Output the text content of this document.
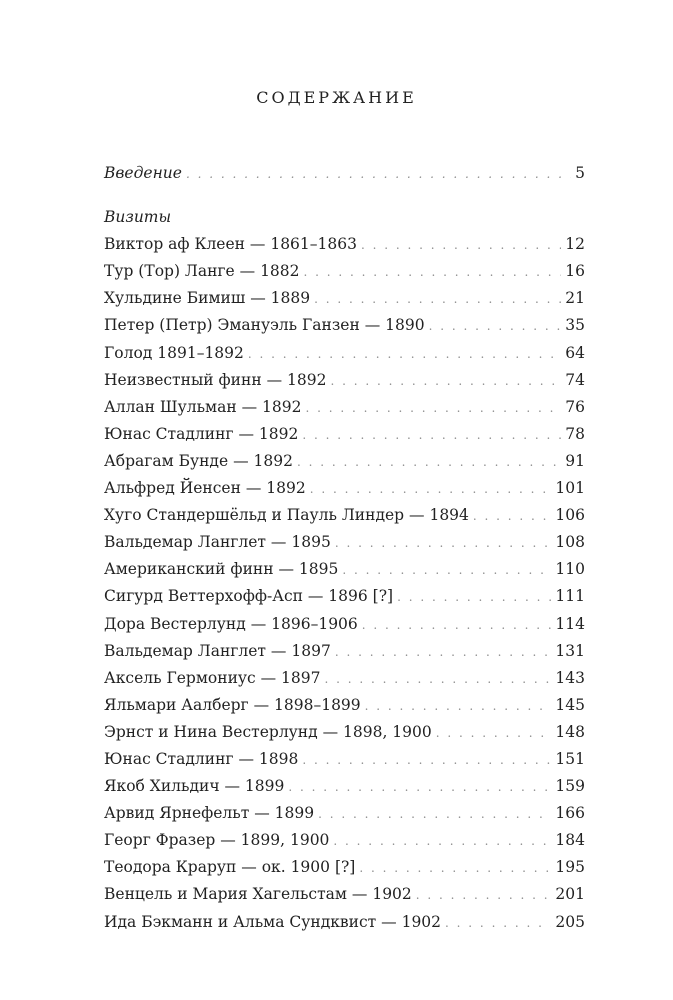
СОДЕРЖАНИЕ
Введение . . .	5
Визиты
Виктор аф Клеен — 1861–1863 . . .	12
Тур (Тор) Ланге — 1882 . . .	16
Хульдине Бимиш — 1889 . . .	21
Петер (Петр) Эмануэль Ганзен — 1890 . . .	35
Голод 1891–1892 . . .	64
Неизвестный финн — 1892 . . .	74
Аллан Шульман — 1892 . . .	76
Юнас Стадлинг — 1892 . . .	78
Абрагам Бунде — 1892 . . .	91
Альфред Йенсен — 1892 . . .	101
Хуго Стандершёльд и Пауль Линдер — 1894 . . .	106
Вальдемар Ланглет — 1895 . . .	108
Американский финн — 1895 . . .	110
Сигурд Веттерхофф-Асп — 1896 [?] . . .	111
Дора Вестерлунд — 1896–1906 . . .	114
Вальдемар Ланглет — 1897 . . .	131
Аксель Гермониус — 1897 . . .	143
Яльмари Аалберг — 1898–1899 . . .	145
Эрнст и Нина Вестерлунд — 1898, 1900 . . .	148
Юнас Стадлинг — 1898 . . .	151
Якоб Хильдич — 1899 . . .	159
Арвид Ярнефельт — 1899 . . .	166
Георг Фразер — 1899, 1900 . . .	184
Теодора Краруп — ок. 1900 [?] . . .	195
Венцель и Мария Хагельстам — 1902 . . .	201
Ида Бэкманн и Альма Сундквист — 1902 . . .	205
